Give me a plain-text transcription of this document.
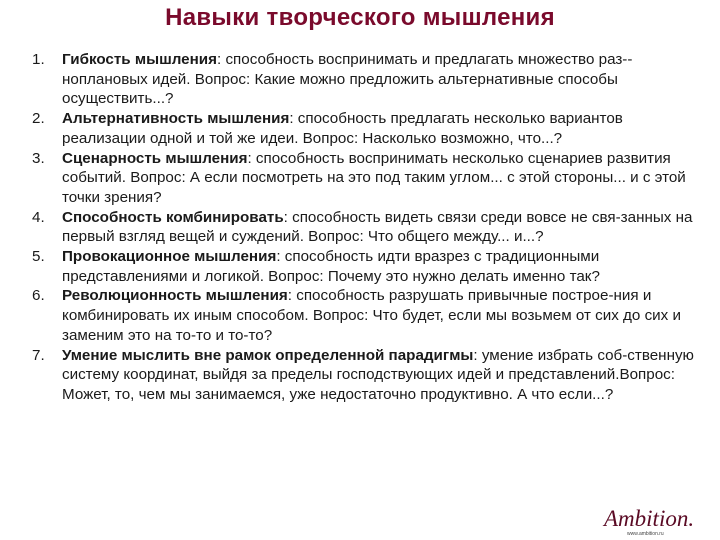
Навыки творческого мышления
1. Гибкость мышления: способность воспринимать и предлагать множество раз-ноплановых идей. Вопрос: Какие можно предложить альтернативные способы осуществить...?
2. Альтернативность мышления: способность предлагать несколько вариантов реализации одной и той же идеи. Вопрос: Насколько возможно, что...?
3. Сценарность мышления: способность воспринимать несколько сценариев развития событий. Вопрос: А если посмотреть на это под таким углом... с этой стороны... и с этой точки зрения?
4. Способность комбинировать: способность видеть связи среди вовсе не свя-занных на первый взгляд вещей и суждений. Вопрос: Что общего между... и...?
5. Провокационное мышления: способность идти вразрез с традиционными представлениями и логикой. Вопрос: Почему это нужно делать именно так?
6. Революционность мышления: способность разрушать привычные построе-ния и комбинировать их иным способом. Вопрос: Что будет, если мы возьмем от сих до сих и заменим это на то-то и то-то?
7. Умение мыслить вне рамок определенной парадигмы: умение избрать соб-ственную систему координат, выйдя за пределы господствующих идей и представлений.Вопрос: Может, то, чем мы занимаемся, уже недостаточно продуктивно. А что если...?
Ambition.
www.ambition.ru
